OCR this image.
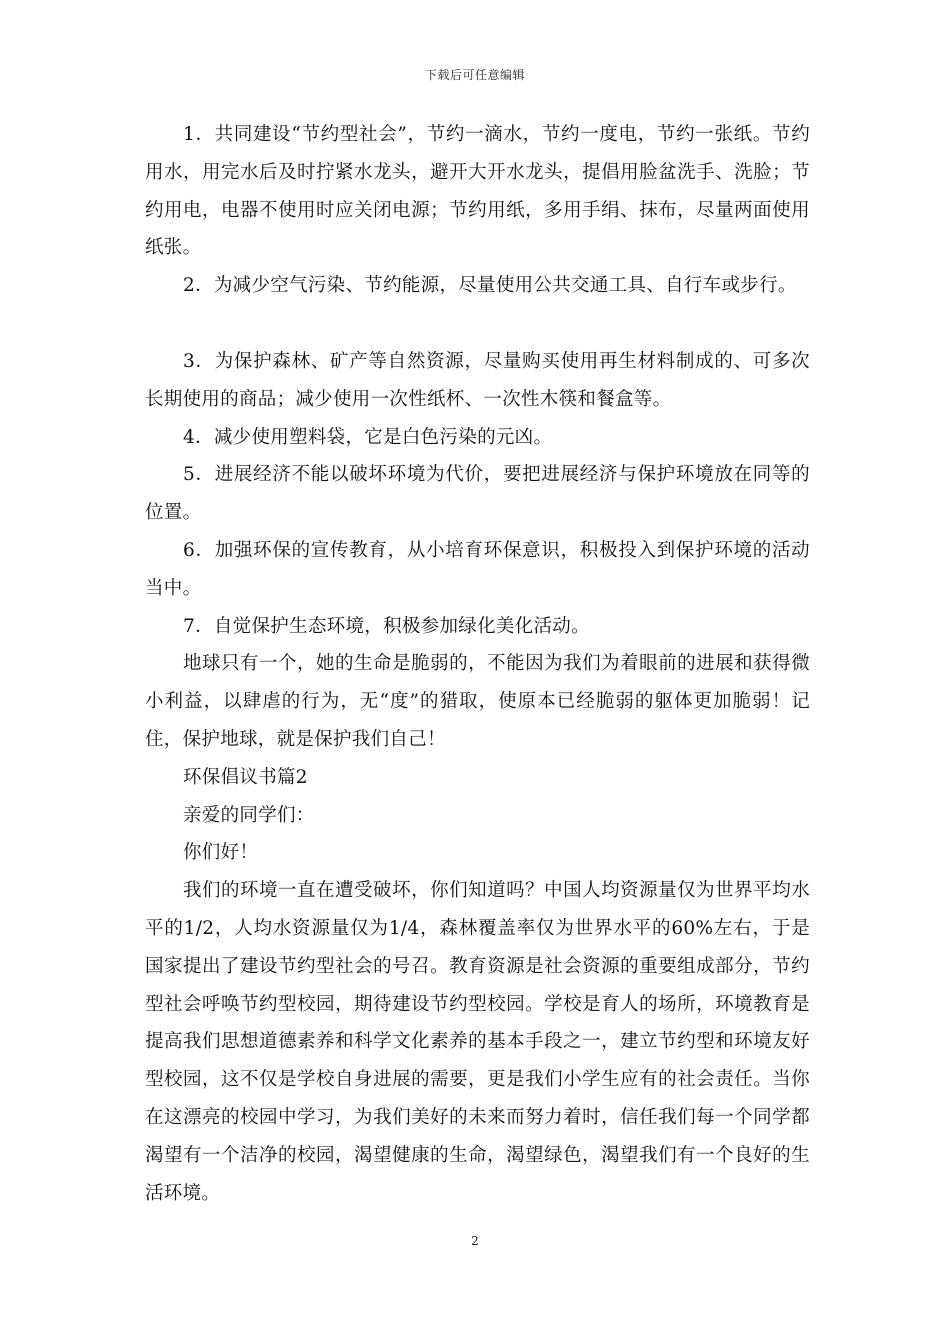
下载后可任意编辑

1．共同建设“节约型社会”，节约一滴水，节约一度电，节约一张纸。节约用水，用完水后及时拧紧水龙头，避开大开水龙头，提倡用脸盆洗手、洗脸；节约用电，电器不使用时应关闭电源；节约用纸，多用手绢、抹布，尽量两面使用纸张。

2．为减少空气污染、节约能源，尽量使用公共交通工具、自行车或步行。

3．为保护森林、矿产等自然资源，尽量购买使用再生材料制成的、可多次长期使用的商品；减少使用一次性纸杯、一次性木筷和餐盒等。

4．减少使用塑料袋，它是白色污染的元凶。

5．进展经济不能以破坏环境为代价，要把进展经济与保护环境放在同等的位置。

6．加强环保的宣传教育，从小培育环保意识，积极投入到保护环境的活动当中。

7．自觉保护生态环境，积极参加绿化美化活动。

地球只有一个，她的生命是脆弱的，不能因为我们为着眼前的进展和获得微小利益，以肆虐的行为，无“度”的猎取，使原本已经脆弱的躯体更加脆弱！记住，保护地球，就是保护我们自己！

环保倡议书篇2

亲爱的同学们：

你们好！

我们的环境一直在遭受破坏，你们知道吗？中国人均资源量仅为世界平均水平的1/2，人均水资源量仅为1/4，森林覆盖率仅为世界水平的60%左右，于是国家提出了建设节约型社会的号召。教育资源是社会资源的重要组成部分，节约型社会呼唤节约型校园，期待建设节约型校园。学校是育人的场所，环境教育是提高我们思想道德素养和科学文化素养的基本手段之一，建立节约型和环境友好型校园，这不仅是学校自身进展的需要，更是我们小学生应有的社会责任。当你在这漂亮的校园中学习，为我们美好的未来而努力着时，信任我们每一个同学都渴望有一个洁净的校园，渴望健康的生命，渴望绿色，渴望我们有一个良好的生活环境。

2
